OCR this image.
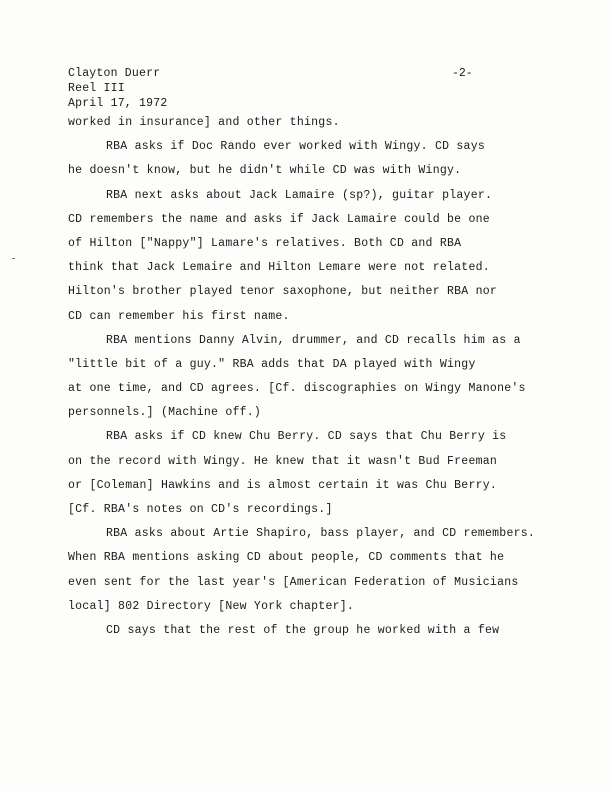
Clayton Duerr
Reel III
April 17, 1972
-2-
worked in insurance] and other things.
RBA asks if Doc Rando ever worked with Wingy. CD says
he doesn't know, but he didn't while CD was with Wingy.
RBA next asks about Jack Lamaire (sp?), guitar player.
CD remembers the name and asks if Jack Lamaire could be one
of Hilton ["Nappy"] Lamare's relatives. Both CD and RBA
think that Jack Lemaire and Hilton Lemare were not related.
Hilton's brother played tenor saxophone, but neither RBA nor
CD can remember his first name.
RBA mentions Danny Alvin, drummer, and CD recalls him as a
"little bit of a guy." RBA adds that DA played with Wingy
at one time, and CD agrees. [Cf. discographies on Wingy Manone's
personnels.] (Machine off.)
RBA asks if CD knew Chu Berry. CD says that Chu Berry is
on the record with Wingy. He knew that it wasn't Bud Freeman
or [Coleman] Hawkins and is almost certain it was Chu Berry.
[Cf. RBA's notes on CD's recordings.]
RBA asks about Artie Shapiro, bass player, and CD remembers.
When RBA mentions asking CD about people, CD comments that he
even sent for the last year's [American Federation of Musicians
local] 802 Directory [New York chapter].
CD says that the rest of the group he worked with a few
